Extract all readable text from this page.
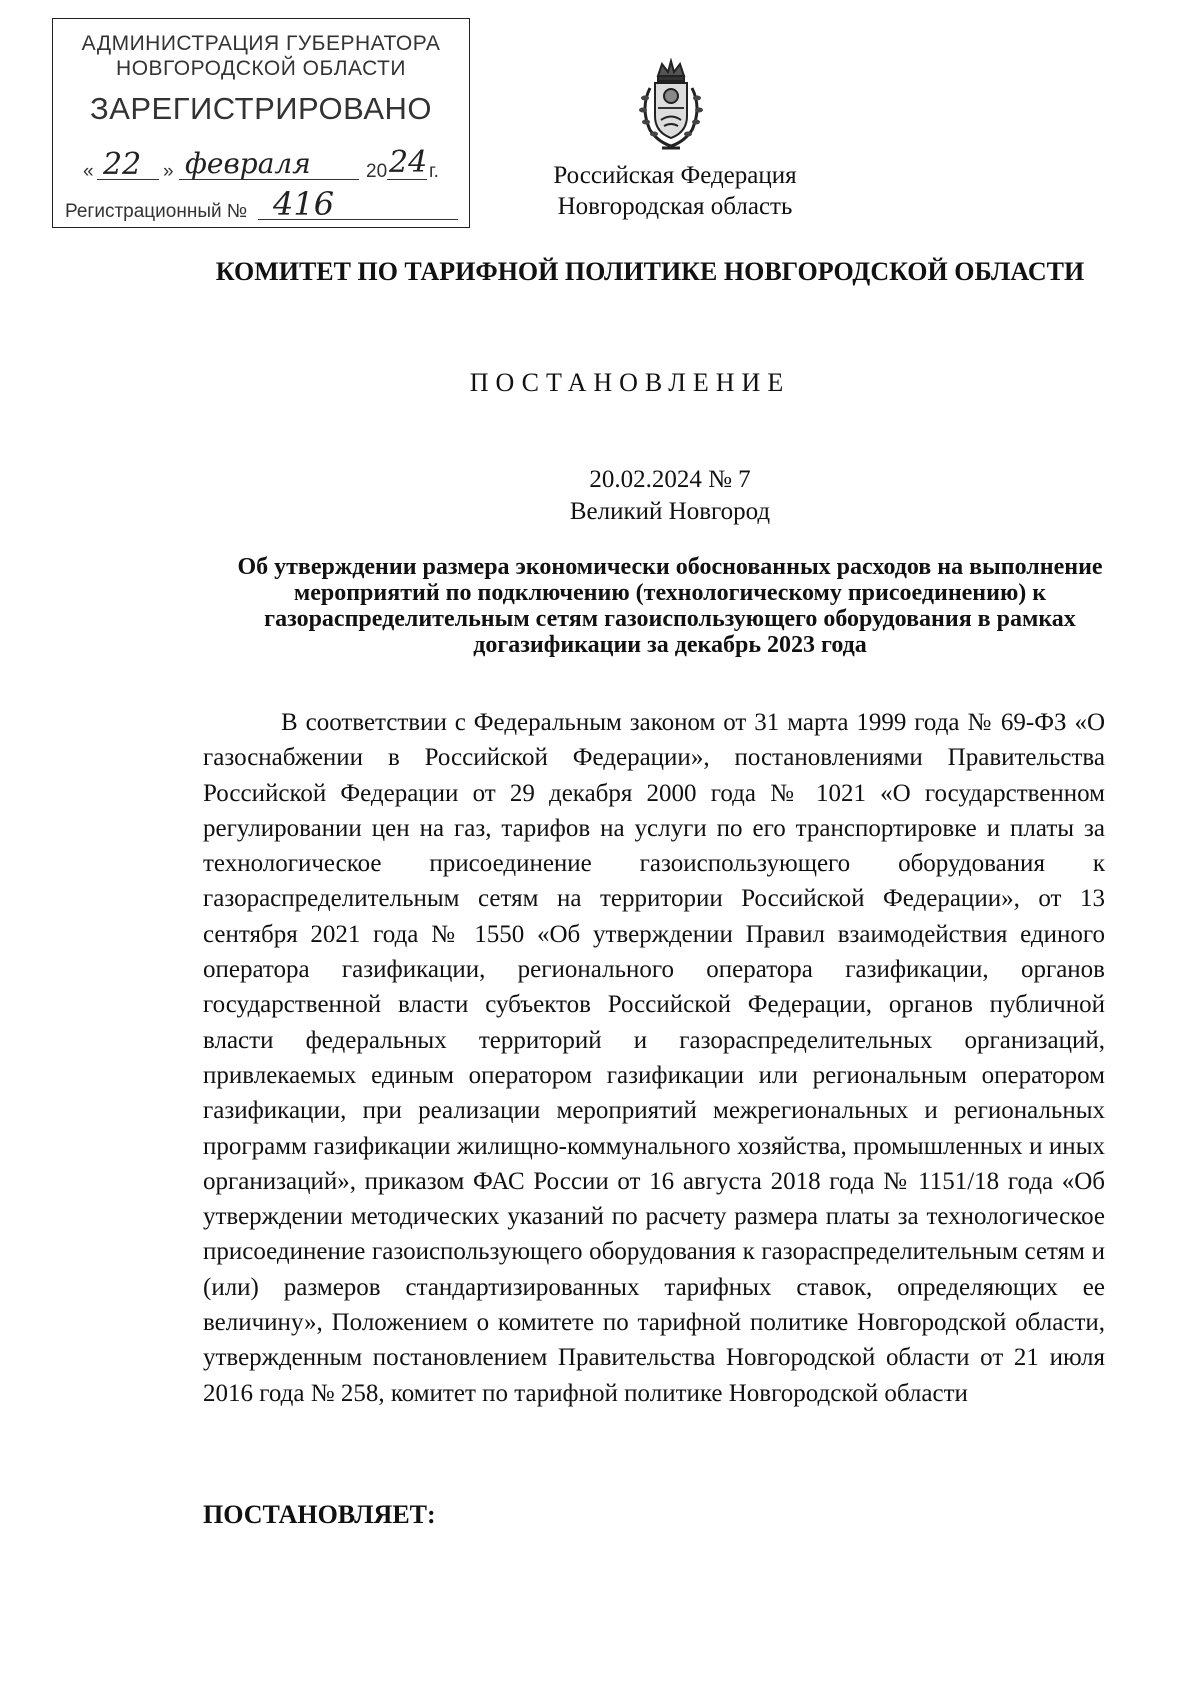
АДМИНИСТРАЦИЯ ГУБЕРНАТОРА
НОВГОРОДСКОЙ ОБЛАСТИ
ЗАРЕГИСТРИРОВАНО
« 22 » февраля	20 24 г.
Регистрационный № 416
Российская Федерация
Новгородская область
КОМИТЕТ ПО ТАРИФНОЙ ПОЛИТИКЕ НОВГОРОДСКОЙ ОБЛАСТИ
ПОСТАНОВЛЕНИЕ
20.02.2024 № 7
Великий Новгород
Об утверждении размера экономически обоснованных расходов на выполнение мероприятий по подключению (технологическому присоединению) к газораспределительным сетям газоиспользующего оборудования в рамках догазификации за декабрь 2023 года

В соответствии с Федеральным законом от 31 марта 1999 года № 69-ФЗ «О газоснабжении в Российской Федерации», постановлениями Правительства Российской Федерации от 29 декабря 2000 года № 1021 «О государственном регулировании цен на газ, тарифов на услуги по его транспортировке и платы за технологическое присоединение газоиспользующего оборудования к газораспределительным сетям на территории Российской Федерации», от 13 сентября 2021 года № 1550 «Об утверждении Правил взаимодействия единого оператора газификации, регионального оператора газификации, органов государственной власти субъектов Российской Федерации, органов публичной власти федеральных территорий и газораспределительных организаций, привлекаемых единым оператором газификации или региональным оператором газификации, при реализации мероприятий межрегиональных и региональных программ газификации жилищно-коммунального хозяйства, промышленных и иных организаций», приказом ФАС России от 16 августа 2018 года № 1151/18 года «Об утверждении методических указаний по расчету размера платы за технологическое присоединение газоиспользующего оборудования к газораспределительным сетям и (или) размеров стандартизированных тарифных ставок, определяющих ее величину», Положением о комитете по тарифной политике Новгородской области, утвержденным постановлением Правительства Новгородской области от 21 июля 2016 года № 258, комитет по тарифной политике Новгородской области

ПОСТАНОВЛЯЕТ:
